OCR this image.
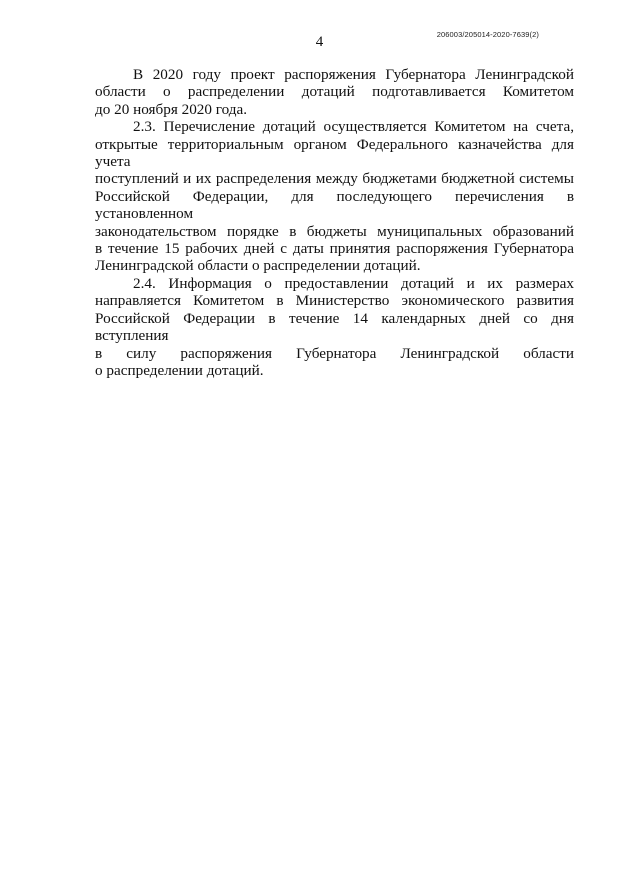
206003/205014-2020-7639(2)
4
В 2020 году проект распоряжения Губернатора Ленинградской
области о распределении дотаций подготавливается Комитетом
до 20 ноября 2020 года.
2.3. Перечисление дотаций осуществляется Комитетом на счета,
открытые территориальным органом Федерального казначейства для учета
поступлений и их распределения между бюджетами бюджетной системы
Российской Федерации, для последующего перечисления в установленном
законодательством порядке в бюджеты муниципальных образований
в течение 15 рабочих дней с даты принятия распоряжения Губернатора
Ленинградской области о распределении дотаций.
2.4. Информация о предоставлении дотаций и их размерах
направляется Комитетом в Министерство экономического развития
Российской Федерации в течение 14 календарных дней со дня вступления
в силу распоряжения Губернатора Ленинградской области
о распределении дотаций.
